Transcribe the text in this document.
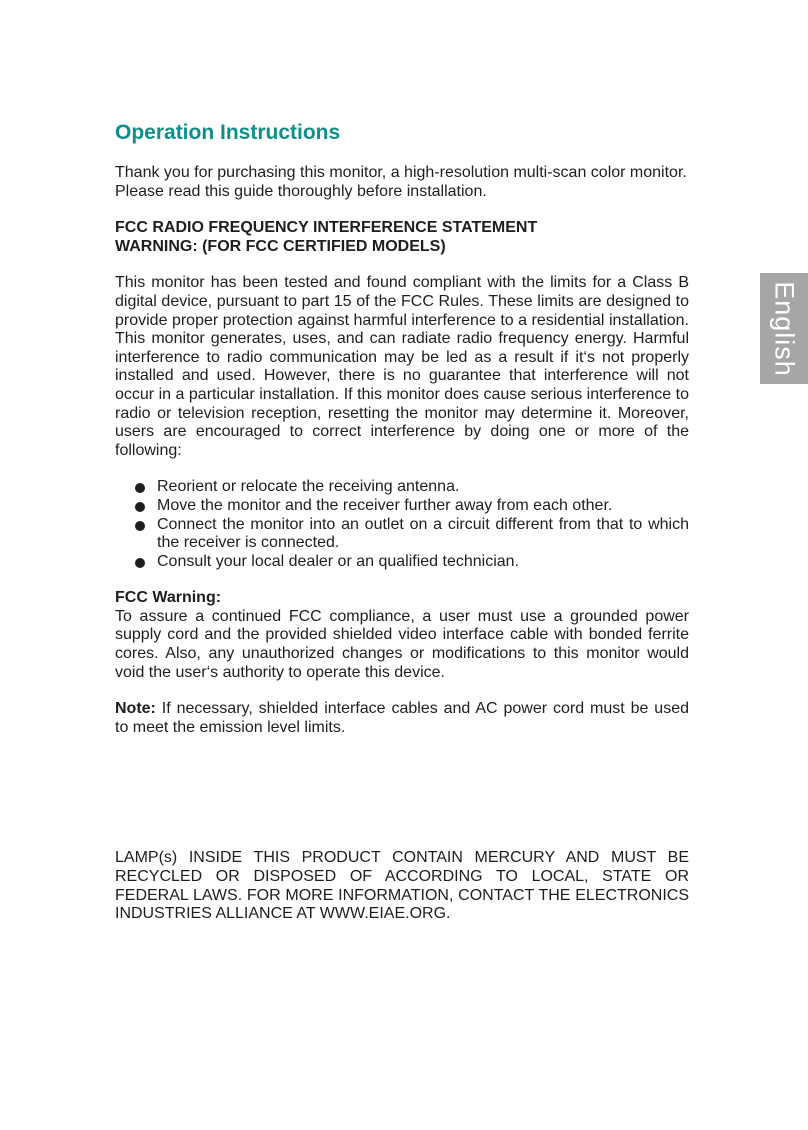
English
Operation Instructions

Thank you for purchasing this monitor, a high-resolution multi-scan color monitor.

Please read this guide thoroughly before installation.

FCC RADIO FREQUENCY INTERFERENCE STATEMENT
WARNING: (FOR FCC CERTIFIED MODELS)

This monitor has been tested and found compliant with the limits for a Class B digital device, pursuant to part 15 of the FCC Rules. These limits are designed to provide proper protection against harmful interference to a residential installation. This monitor generates, uses, and can radiate radio frequency energy. Harmful interference to radio communication may be led as a result if it‘s not properly installed and used. However, there is no guarantee that interference will not occur in a particular installation. If this monitor does cause serious interference to radio or television reception, resetting the monitor may determine it. Moreover, users are encouraged to correct interference by doing one or more of the following:

Reorient or relocate the receiving antenna.
Move the monitor and the receiver further away from each other.
Connect the monitor into an outlet on a circuit different from that to which the receiver is connected.
Consult your local dealer or an qualified technician.
FCC Warning:

To assure a continued FCC compliance, a user must use a grounded power supply cord and the provided shielded video interface cable with bonded ferrite cores. Also, any unauthorized changes or modifications to this monitor would void the user‘s authority to operate this device.

Note: If necessary, shielded interface cables and AC power cord must be used to meet the emission level limits.

LAMP(s) INSIDE THIS PRODUCT CONTAIN MERCURY AND MUST BE RECYCLED OR DISPOSED OF ACCORDING TO LOCAL, STATE OR FEDERAL LAWS. FOR MORE INFORMATION, CONTACT THE ELECTRONICS INDUSTRIES ALLIANCE AT WWW.EIAE.ORG.
